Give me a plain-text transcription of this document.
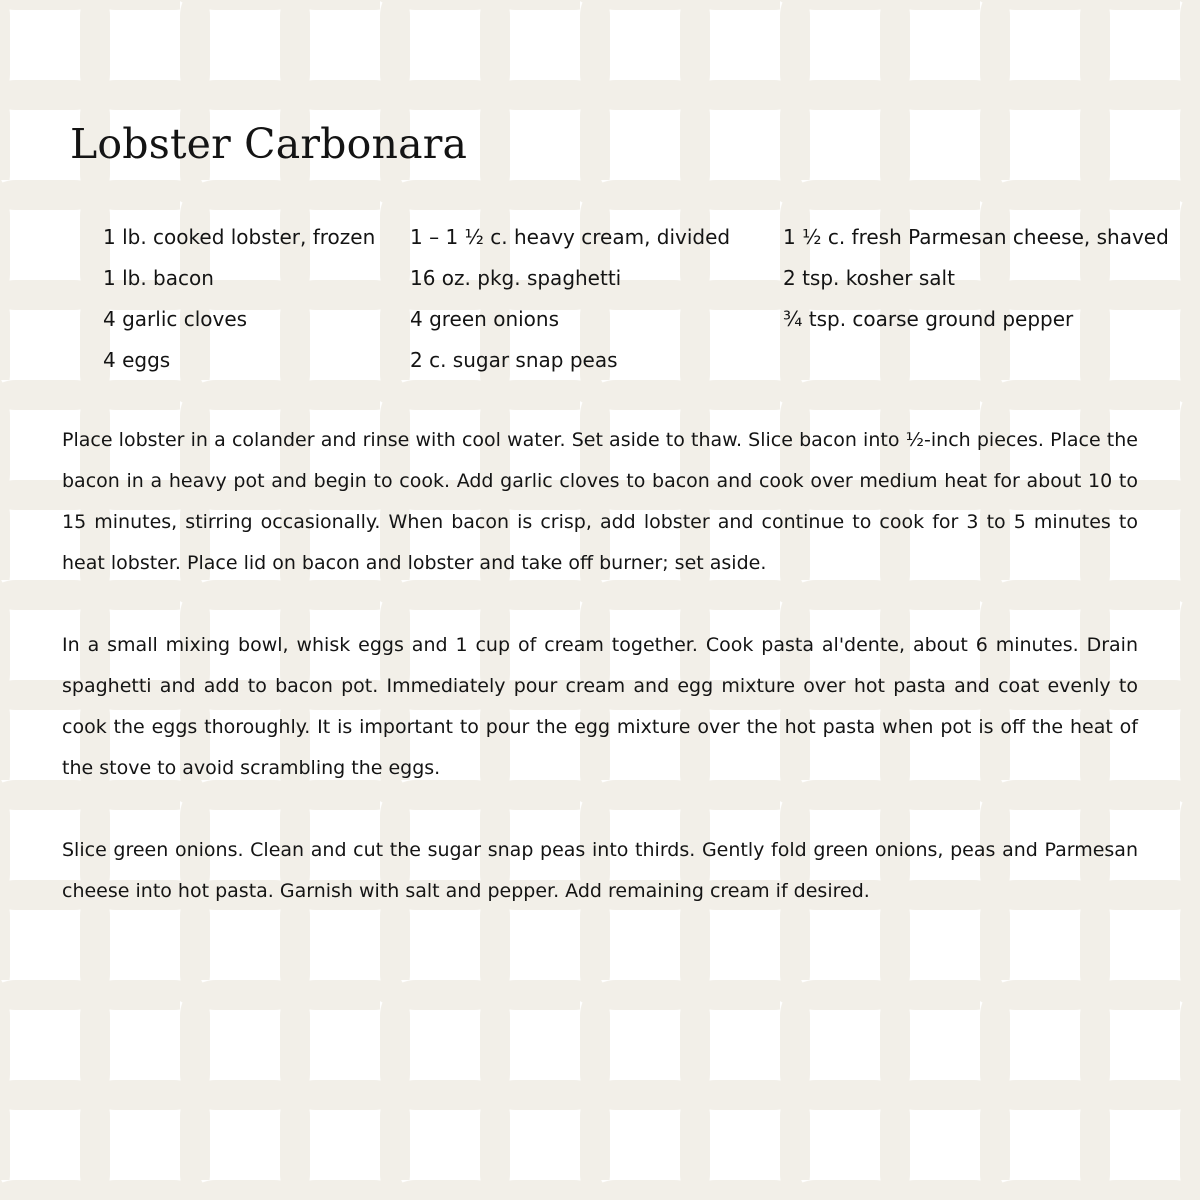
Lobster Carbonara
1 lb. cooked lobster, frozen
1 lb. bacon
4 garlic cloves
4 eggs
1 – 1 ½ c. heavy cream, divided
16 oz. pkg. spaghetti
4 green onions
2 c. sugar snap peas
1 ½ c. fresh Parmesan cheese, shaved
2 tsp. kosher salt
¾ tsp. coarse ground pepper

Place lobster in a colander and rinse with cool water. Set aside to thaw. Slice bacon into ½-inch pieces. Place the bacon in a heavy pot and begin to cook. Add garlic cloves to bacon and cook over medium heat for about 10 to 15 minutes, stirring occasionally. When bacon is crisp, add lobster and continue to cook for 3 to 5 minutes to heat lobster. Place lid on bacon and lobster and take off burner; set aside.

In a small mixing bowl, whisk eggs and 1 cup of cream together. Cook pasta al'dente, about 6 minutes. Drain spaghetti and add to bacon pot. Immediately pour cream and egg mixture over hot pasta and coat evenly to cook the eggs thoroughly. It is important to pour the egg mixture over the hot pasta when pot is off the heat of the stove to avoid scrambling the eggs.

Slice green onions. Clean and cut the sugar snap peas into thirds. Gently fold green onions, peas and Parmesan cheese into hot pasta. Garnish with salt and pepper. Add remaining cream if desired.
